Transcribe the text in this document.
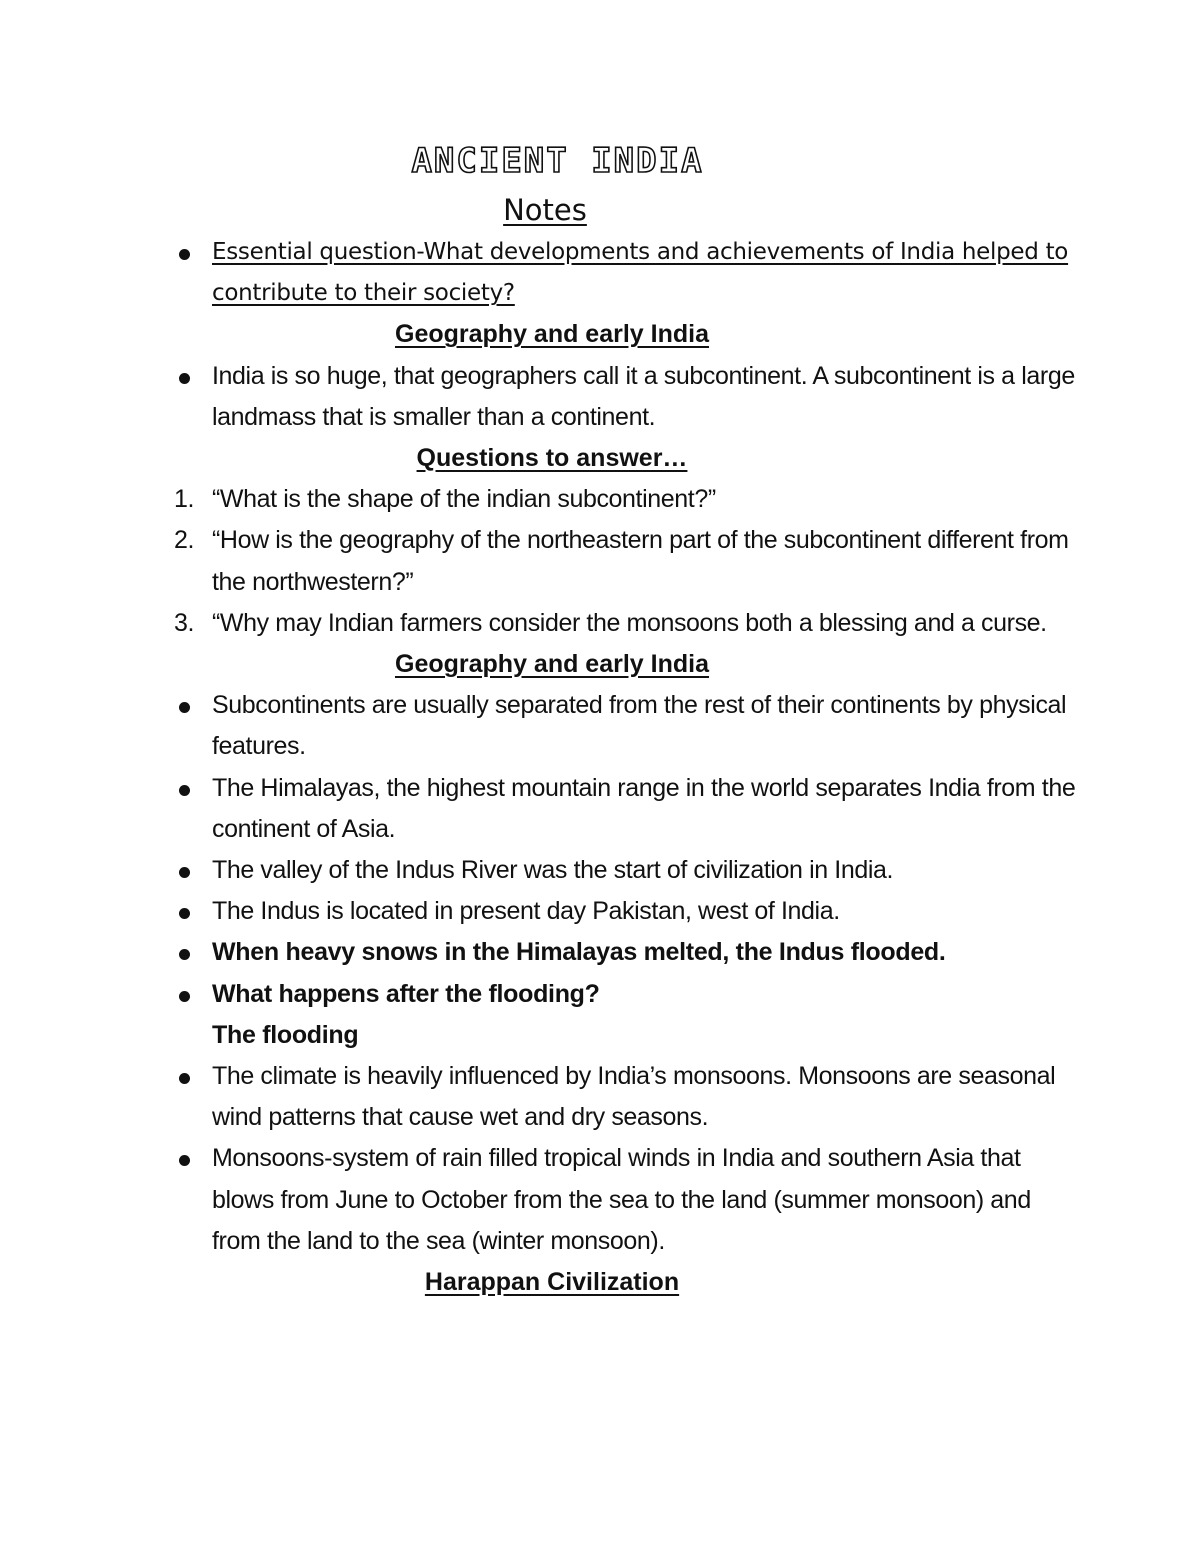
ANCIENT INDIA
Notes
Essential question-What developments and achievements of India helped to contribute to their society?
Geography and early India
India is so huge, that geographers call it a subcontinent. A subcontinent is a large landmass that is smaller than a continent.
Questions to answer…
1. “What is the shape of the indian subcontinent?”
2. “How is the geography of the northeastern part of the subcontinent different from the northwestern?”
3. “Why may Indian farmers consider the monsoons both a blessing and a curse.
Geography and early India
Subcontinents are usually separated from the rest of their continents by physical features.
The Himalayas, the highest mountain range in the world separates India from the continent of Asia.
The valley of the Indus River was the start of civilization in India.
The Indus is located in present day Pakistan, west of India.
When heavy snows in the Himalayas melted, the Indus flooded.
What happens after the flooding?
The flooding
The climate is heavily influenced by India’s monsoons. Monsoons are seasonal wind patterns that cause wet and dry seasons.
Monsoons-system of rain filled tropical winds in India and southern Asia that blows from June to October from the sea to the land (summer monsoon) and from the land to the sea (winter monsoon).
Harappan Civilization
